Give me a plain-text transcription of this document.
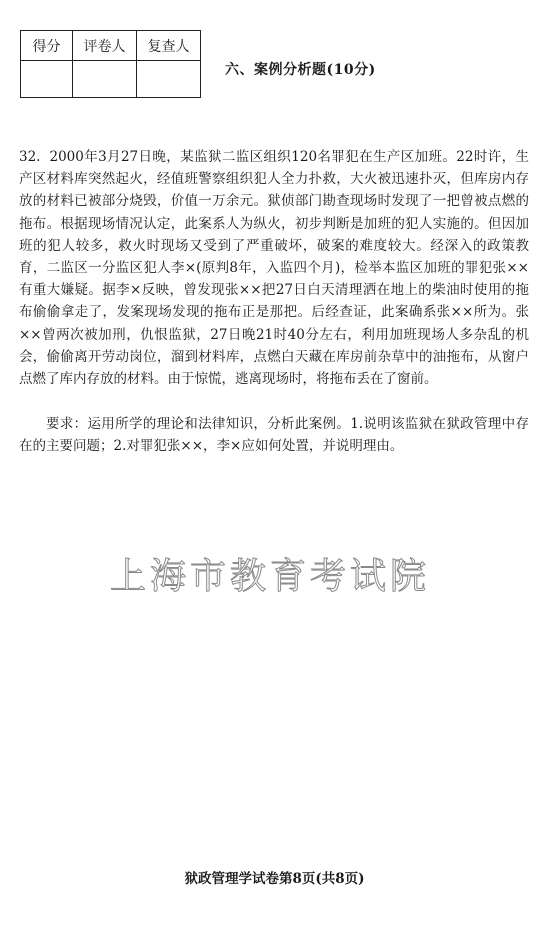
得分	评卷人	复查人

六、案例分析题(10分)

32. 2000年3月27日晚，某监狱二监区组织120名罪犯在生产区加班。22时许，生产区材料库突然起火，经值班警察组织犯人全力扑救，大火被迅速扑灭，但库房内存放的材料已被部分烧毁，价值一万余元。狱侦部门勘查现场时发现了一把曾被点燃的拖布。根据现场情况认定，此案系人为纵火，初步判断是加班的犯人实施的。但因加班的犯人较多，救火时现场又受到了严重破坏，破案的难度较大。经深入的政策教育，二监区一分监区犯人李×(原判8年，入监四个月)，检举本监区加班的罪犯张××有重大嫌疑。据李×反映，曾发现张××把27日白天清理洒在地上的柴油时使用的拖布偷偷拿走了，发案现场发现的拖布正是那把。后经查证，此案确系张××所为。张××曾两次被加刑，仇恨监狱，27日晚21时40分左右，利用加班现场人多杂乱的机会，偷偷离开劳动岗位，溜到材料库，点燃白天藏在库房前杂草中的油拖布，从窗户点燃了库内存放的材料。由于惊慌，逃离现场时，将拖布丢在了窗前。

要求：运用所学的理论和法律知识，分析此案例。1.说明该监狱在狱政管理中存在的主要问题；2.对罪犯张××，李×应如何处置，并说明理由。

上海市教育考试院
狱政管理学试卷第8页(共8页)
